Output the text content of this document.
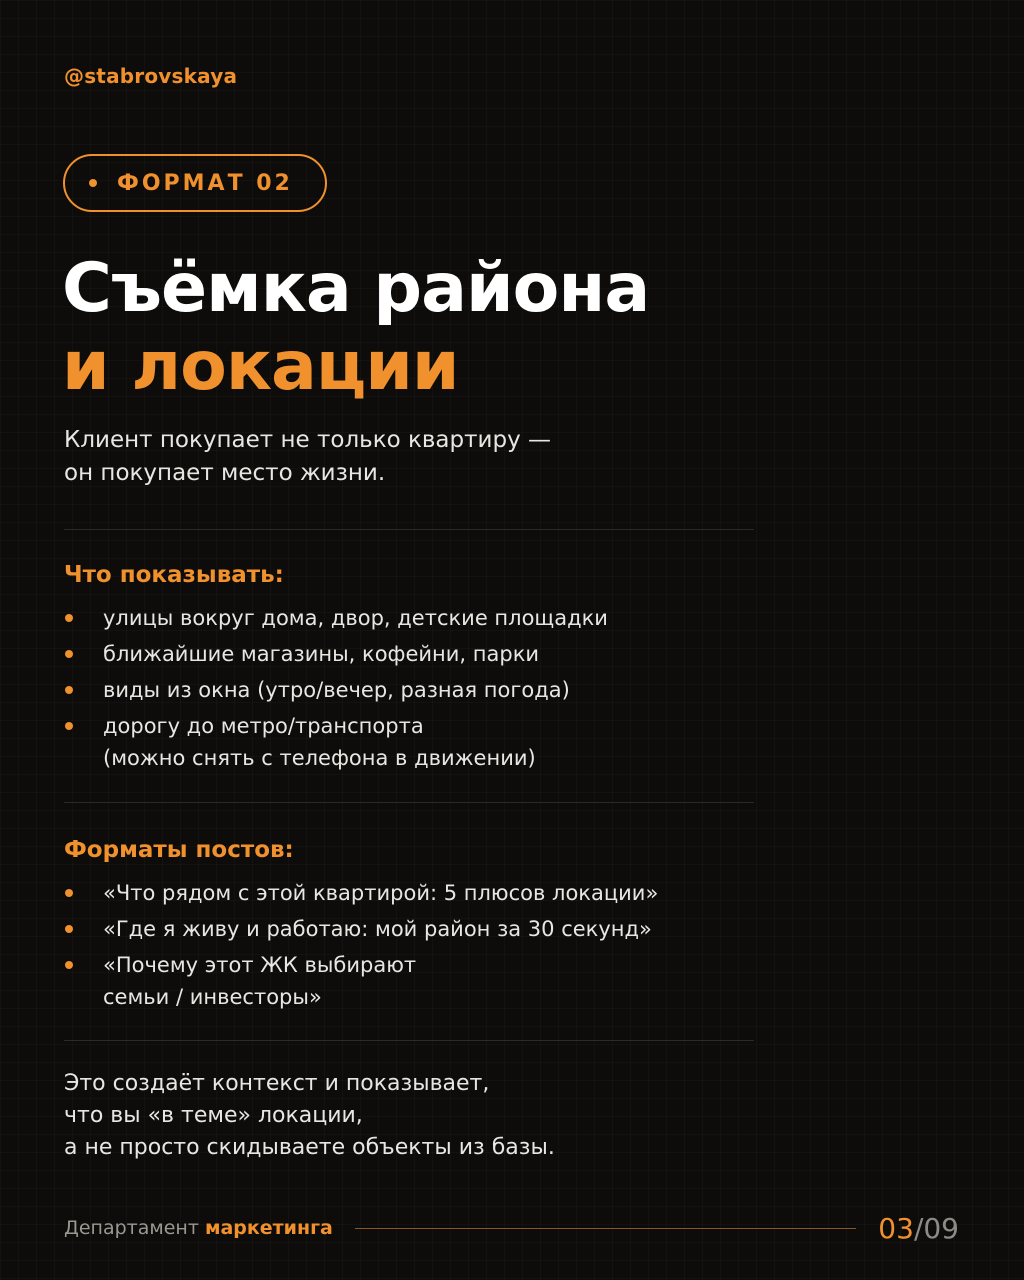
@stabrovskaya
ФОРМАТ 02
Съёмка района
и локации

Клиент покупает не только квартиру —
он покупает место жизни.

Что показывать:
улицы вокруг дома, двор, детские площадки
ближайшие магазины, кофейни, парки
виды из окна (утро/вечер, разная погода)
дорогу до метро/транспорта
(можно снять с телефона в движении)
Форматы постов:
«Что рядом с этой квартирой: 5 плюсов локации»
«Где я живу и работаю: мой район за 30 секунд»
«Почему этот ЖК выбирают
семьи / инвесторы»

Это создаёт контекст и показывает,
что вы «в теме» локации,
а не просто скидываете объекты из базы.

Департамент маркетинга	03/09
